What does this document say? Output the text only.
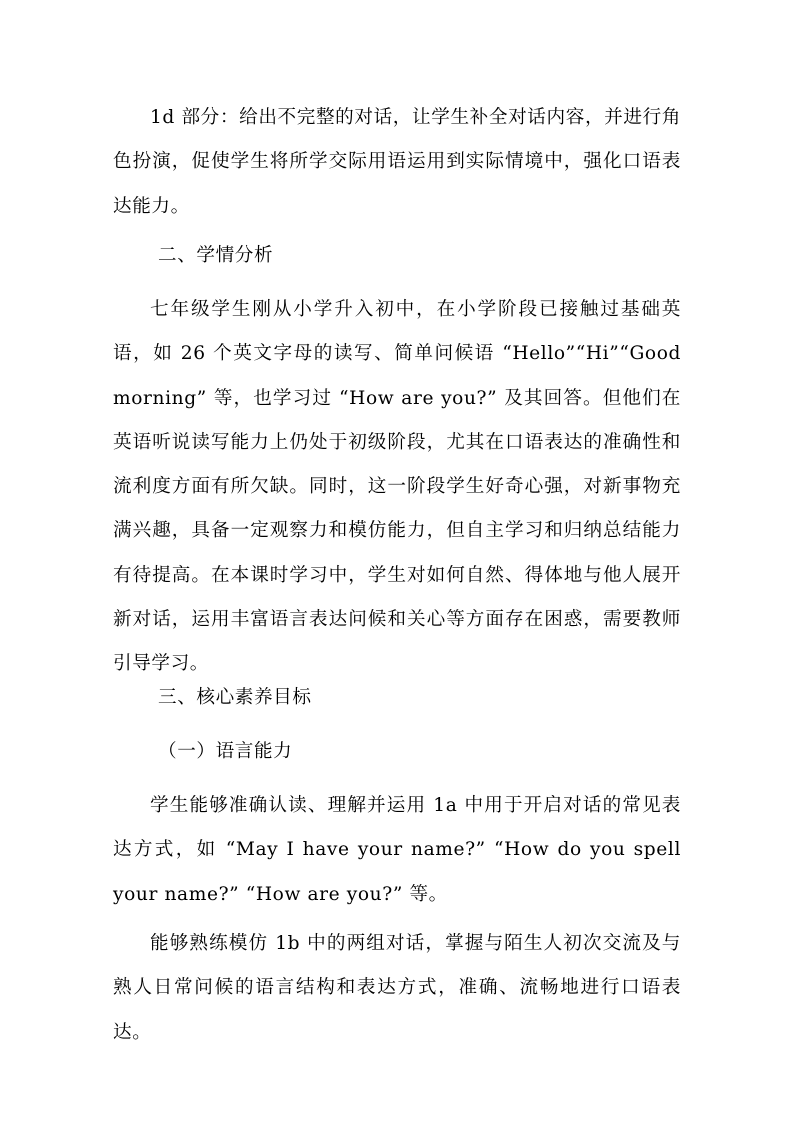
1d 部分：给出不完整的对话，让学生补全对话内容，并进行角色扮演，促使学生将所学交际用语运用到实际情境中，强化口语表达能力。

二、学情分析

七年级学生刚从小学升入初中，在小学阶段已接触过基础英语，如 26 个英文字母的读写、简单问候语 “Hello”“Hi”“Good morning” 等，也学习过 “How are you?” 及其回答。但他们在英语听说读写能力上仍处于初级阶段，尤其在口语表达的准确性和流利度方面有所欠缺。同时，这一阶段学生好奇心强，对新事物充满兴趣，具备一定观察力和模仿能力，但自主学习和归纳总结能力有待提高。在本课时学习中，学生对如何自然、得体地与他人展开新对话，运用丰富语言表达问候和关心等方面存在困惑，需要教师引导学习。

三、核心素养目标

（一）语言能力

学生能够准确认读、理解并运用 1a 中用于开启对话的常见表达方式，如 “May I have your name?” “How do you spell your name?” “How are you?” 等。

能够熟练模仿 1b 中的两组对话，掌握与陌生人初次交流及与熟人日常问候的语言结构和表达方式，准确、流畅地进行口语表达。
